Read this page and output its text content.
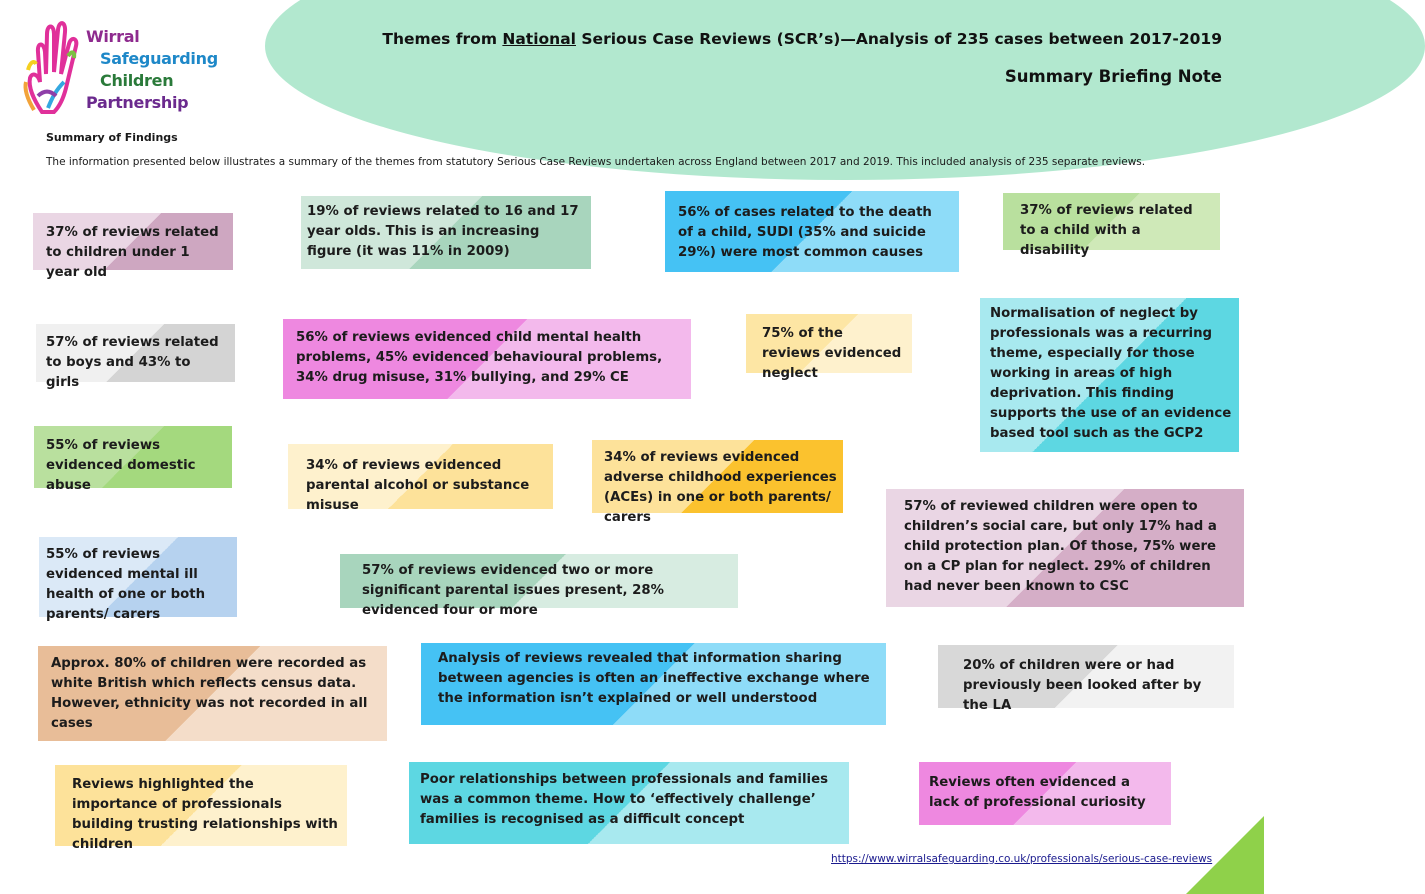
Wirral
Safeguarding
Children
Partnership
Themes from National Serious Case Reviews (SCR’s)—Analysis of 235 cases between 2017-2019
Summary Briefing Note
Summary of Findings
The information presented below illustrates a summary of the themes from statutory Serious Case Reviews undertaken across England between 2017 and 2019. This included analysis of 235 separate reviews.
37% of reviews related to children under 1 year old
19% of reviews related to 16 and 17 year olds. This is an increasing figure (it was 11% in 2009)
56% of cases related to the death of a child, SUDI (35% and suicide 29%) were most common causes
37% of reviews related to a child with a disability
57% of reviews related to boys and 43% to girls
56% of reviews evidenced child mental health problems, 45% evidenced behavioural problems, 34% drug misuse, 31% bullying, and 29% CE
75% of the reviews evidenced neglect
Normalisation of neglect by professionals was a recurring theme, especially for those working in areas of high deprivation. This finding supports the use of an evidence based tool such as the GCP2
55% of reviews evidenced domestic abuse
34% of reviews evidenced parental alcohol or substance misuse
34% of reviews evidenced adverse childhood experiences (ACEs) in one or both parents/ carers
57% of reviewed children were open to children’s social care, but only 17% had a child protection plan. Of those, 75% were on a CP plan for neglect. 29% of children had never been known to CSC
55% of reviews evidenced mental ill health of one or both parents/ carers
57% of reviews evidenced two or more significant parental issues present, 28% evidenced four or more
Approx. 80% of children were recorded as white British which reflects census data. However, ethnicity was not recorded in all cases
Analysis of reviews revealed that information sharing between agencies is often an ineffective exchange where the information isn’t explained or well understood
20% of children were or had previously been looked after by the LA
Reviews highlighted the importance of professionals building trusting relationships with children
Poor relationships between professionals and families was a common theme. How to ‘effectively challenge’ families is recognised as a difficult concept
Reviews often evidenced a lack of professional curiosity
https://www.wirralsafeguarding.co.uk/professionals/serious-case-reviews
